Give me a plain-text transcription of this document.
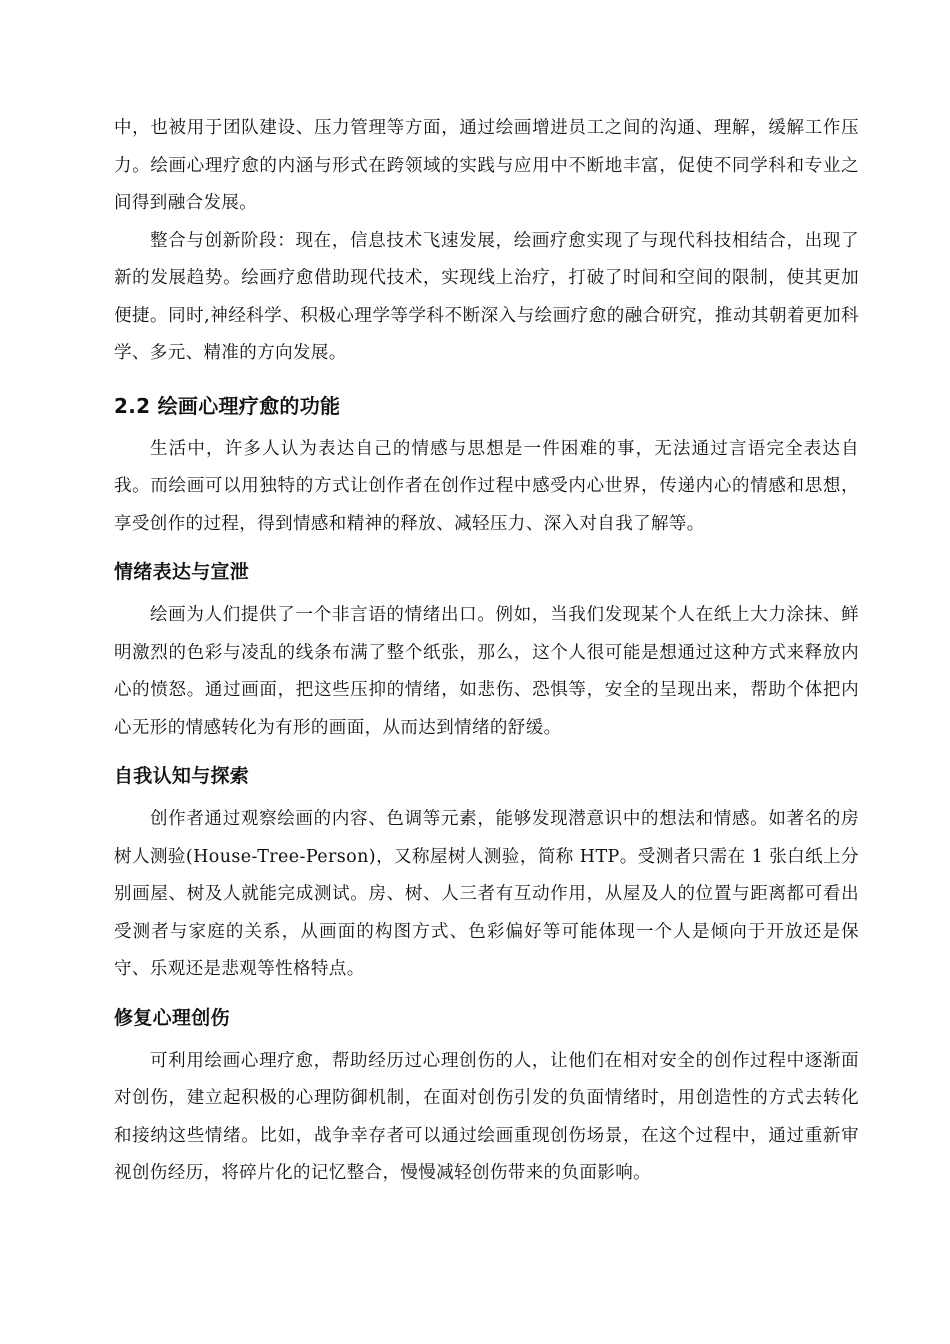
中，也被用于团队建设、压力管理等方面，通过绘画增进员工之间的沟通、理解，缓解工作压力。绘画心理疗愈的内涵与形式在跨领域的实践与应用中不断地丰富，促使不同学科和专业之间得到融合发展。

整合与创新阶段：现在，信息技术飞速发展，绘画疗愈实现了与现代科技相结合，出现了新的发展趋势。绘画疗愈借助现代技术，实现线上治疗，打破了时间和空间的限制，使其更加便捷。同时,神经科学、积极心理学等学科不断深入与绘画疗愈的融合研究，推动其朝着更加科学、多元、精准的方向发展。

2.2 绘画心理疗愈的功能

生活中，许多人认为表达自己的情感与思想是一件困难的事，无法通过言语完全表达自我。而绘画可以用独特的方式让创作者在创作过程中感受内心世界，传递内心的情感和思想，享受创作的过程，得到情感和精神的释放、减轻压力、深入对自我了解等。

情绪表达与宣泄

绘画为人们提供了一个非言语的情绪出口。例如，当我们发现某个人在纸上大力涂抹、鲜明激烈的色彩与凌乱的线条布满了整个纸张，那么，这个人很可能是想通过这种方式来释放内心的愤怒。通过画面，把这些压抑的情绪，如悲伤、恐惧等，安全的呈现出来，帮助个体把内心无形的情感转化为有形的画面，从而达到情绪的舒缓。

自我认知与探索

创作者通过观察绘画的内容、色调等元素，能够发现潜意识中的想法和情感。如著名的房树人测验(House-Tree-Person)，又称屋树人测验，简称 HTP。受测者只需在 1 张白纸上分别画屋、树及人就能完成测试。房、树、人三者有互动作用，从屋及人的位置与距离都可看出受测者与家庭的关系，从画面的构图方式、色彩偏好等可能体现一个人是倾向于开放还是保守、乐观还是悲观等性格特点。

修复心理创伤

可利用绘画心理疗愈，帮助经历过心理创伤的人，让他们在相对安全的创作过程中逐渐面对创伤，建立起积极的心理防御机制，在面对创伤引发的负面情绪时，用创造性的方式去转化和接纳这些情绪。比如，战争幸存者可以通过绘画重现创伤场景，在这个过程中，通过重新审视创伤经历，将碎片化的记忆整合，慢慢减轻创伤带来的负面影响。
